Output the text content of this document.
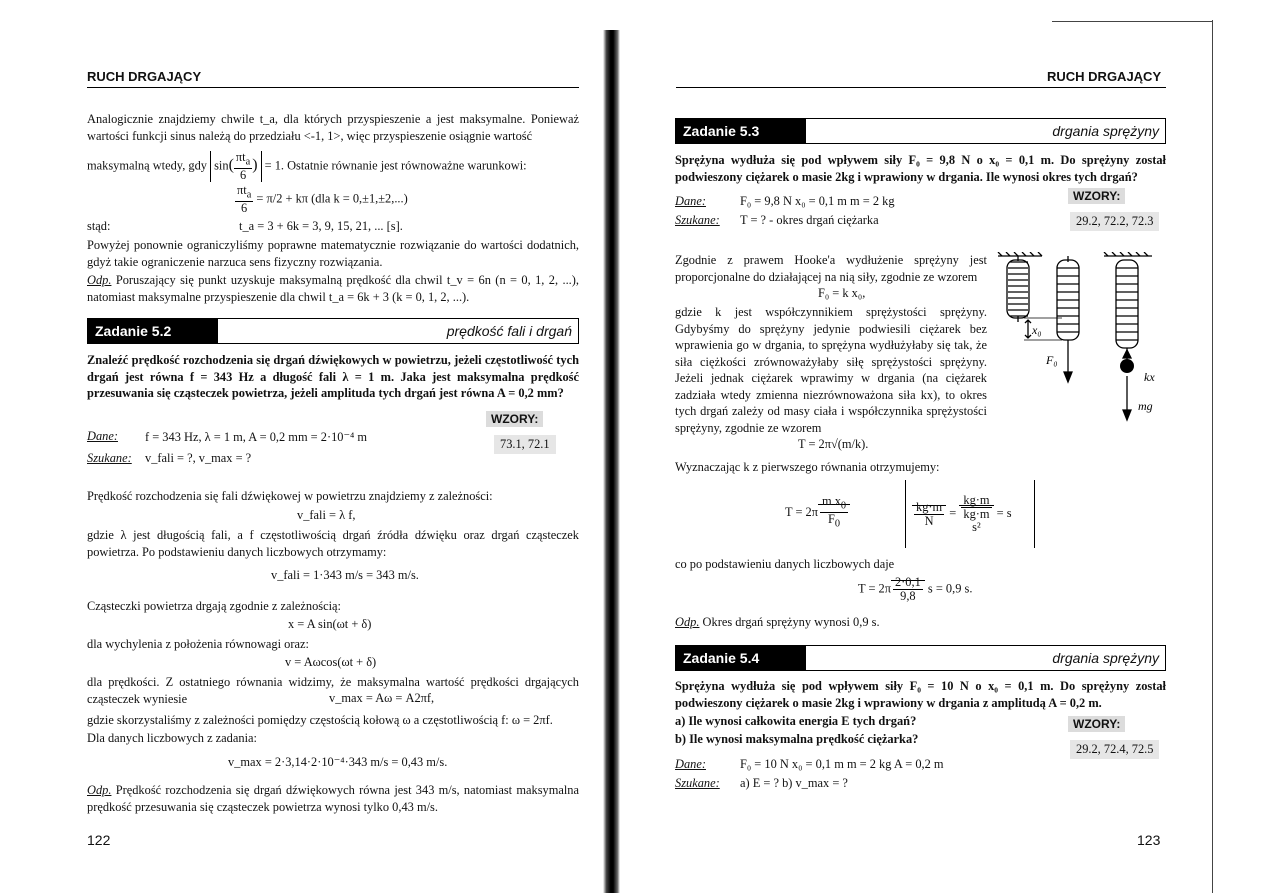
RUCH DRGAJĄCY
Analogicznie znajdziemy chwile t_a, dla których przyspieszenie a jest maksymalne. Ponieważ wartości funkcji sinus należą do przedziału <-1, 1>, więc przyspieszenie osiągnie wartość
maksymalną wtedy, gdy $\sin( \frac{\pi t_a}{6}$ ) = 1. Ostatnie równanie jest równoważne warunkowi:
$\frac{\pi t_a}{6} = \pi/2 + k\pi$ (dla k = 0,±1,±2,...)
stąd:	t_a = 3 + 6k = 3, 9, 15, 21, ... [s].
Powyżej ponownie ograniczyliśmy poprawne matematycznie rozwiązanie do wartości dodatnich, gdyż takie ograniczenie narzuca sens fizyczny rozwiązania.
Odp. Poruszający się punkt uzyskuje maksymalną prędkość dla chwil t_v = 6n (n = 0, 1, 2, ...), natomiast maksymalne przyspieszenie dla chwil t_a = 6k + 3 (k = 0, 1, 2, ...).
Zadanie 5.2	prędkość fali i drgań
Znaleźć prędkość rozchodzenia się drgań dźwiękowych w powietrzu, jeżeli częstotliwość tych drgań jest równa f = 343 Hz a długość fali λ = 1 m. Jaka jest maksymalna prędkość przesuwania się cząsteczek powietrza, jeżeli amplituda tych drgań jest równa A = 0,2 mm?
WZORY:
73.1, 72.1
Dane: f = 343 Hz, λ = 1 m, A = 0,2 mm = 2·10⁻⁴ m
Szukane: v_fali = ?, v_max = ?
Prędkość rozchodzenia się fali dźwiękowej w powietrzu znajdziemy z zależności:
v_fali = λ f,
gdzie λ jest długością fali, a f częstotliwością drgań źródła dźwięku oraz drgań cząsteczek powietrza. Po podstawieniu danych liczbowych otrzymamy:
v_fali = 1·343 m/s = 343 m/s.
Cząsteczki powietrza drgają zgodnie z zależnością:
x = A sin(ωt + δ)
dla wychylenia z położenia równowagi oraz:
v = Aωcos(ωt + δ)
dla prędkości. Z ostatniego równania widzimy, że maksymalna wartość prędkości drgających cząsteczek wyniesie	v_max = Aω = A2πf,
gdzie skorzystaliśmy z zależności pomiędzy częstością kołową ω a częstotliwością f: ω = 2πf.
Dla danych liczbowych z zadania:
v_max = 2·3,14·2·10⁻⁴·343 m/s = 0,43 m/s.
Odp. Prędkość rozchodzenia się drgań dźwiękowych równa jest 343 m/s, natomiast maksymalna prędkość przesuwania się cząsteczek powietrza wynosi tylko 0,43 m/s.
122
RUCH DRGAJĄCY
Zadanie 5.3	drgania sprężyny
Sprężyna wydłuża się pod wpływem siły F₀ = 9,8 N o x₀ = 0,1 m. Do sprężyny został podwieszony ciężarek o masie 2kg i wprawiony w drgania. Ile wynosi okres tych drgań?
WZORY:
29.2, 72.2, 72.3
Dane:	F₀ = 9,8 N x₀ = 0,1 m m = 2 kg
Szukane: T = ? - okres drgań ciężarka
Zgodnie z prawem Hooke'a wydłużenie sprężyny jest proporcjonalne do działającej na nią siły, zgodnie ze wzorem
F₀ = k x₀,
gdzie k jest współczynnikiem sprężystości sprężyny. Gdybyśmy do sprężyny jedynie podwiesili ciężarek bez wprawienia go w drgania, to sprężyna wydłużyłaby się tak, że siła ciężkości zrównoważyłaby siłę sprężystości sprężyny. Jeżeli jednak ciężarek wprawimy w drgania (na ciężarek zadziała wtedy zmienna niezrównoważona siła kx), to okres tych drgań zależy od masy ciała i współczynnika sprężystości sprężyny, zgodnie ze wzorem
T = 2π√(m/k).
Wyznaczając k z pierwszego równania otrzymujemy:
$T = 2\pi \frac{m x_0}{F_0}$	$\frac{kg\cdot m}{N}$ =
kg·m
kg·m
s²
= s
co po podstawieniu danych liczbowych daje
$T = 2\pi \frac{2\cdot 0,1}{9,8}$ s = 0,9 s.
Odp. Okres drgań sprężyny wynosi 0,9 s.
x₀
F₀
kx
mg
Zadanie 5.4	drgania sprężyny
Sprężyna wydłuża się pod wpływem siły F₀ = 10 N o x₀ = 0,1 m. Do sprężyny został podwieszony ciężarek o masie 2kg i wprawiony w drgania z amplitudą A = 0,2 m.
a) Ile wynosi całkowita energia E tych drgań?
b) Ile wynosi maksymalna prędkość ciężarka?
WZORY:
29.2, 72.4, 72.5
Dane:	F₀ = 10 N x₀ = 0,1 m m = 2 kg A = 0,2 m
Szukane: a) E = ? b) v_max = ?
123
